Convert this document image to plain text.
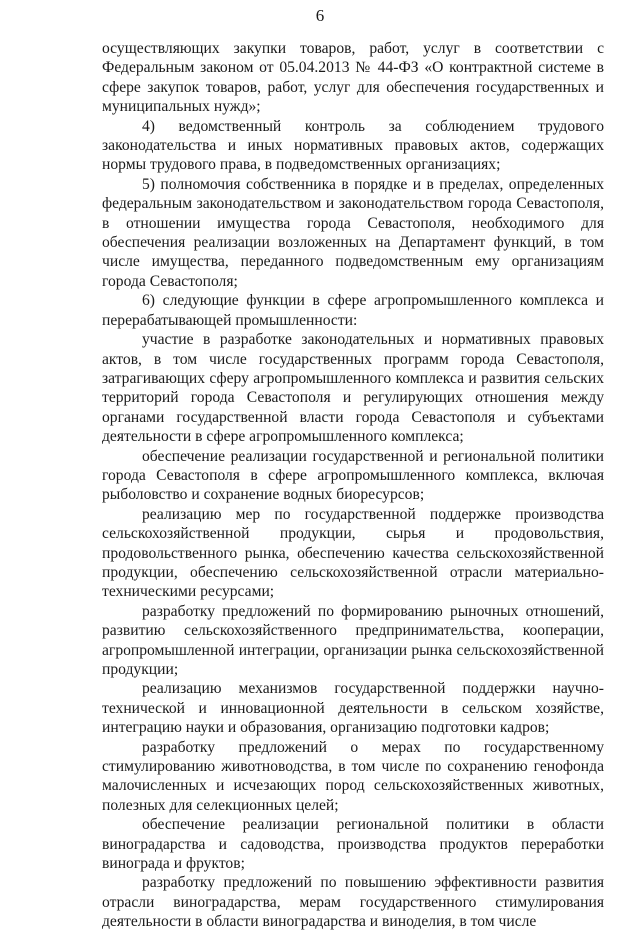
6

осуществляющих закупки товаров, работ, услуг в соответствии с Федеральным законом от 05.04.2013 № 44-ФЗ «О контрактной системе в сфере закупок товаров, работ, услуг для обеспечения государственных и муниципальных нужд»;

4) ведомственный контроль за соблюдением трудового законодательства и иных нормативных правовых актов, содержащих нормы трудового права, в подведомственных организациях;

5) полномочия собственника в порядке и в пределах, определенных федеральным законодательством и законодательством города Севастополя, в отношении имущества города Севастополя, необходимого для обеспечения реализации возложенных на Департамент функций, в том числе имущества, переданного подведомственным ему организациям города Севастополя;

6) следующие функции в сфере агропромышленного комплекса и перерабатывающей промышленности:

участие в разработке законодательных и нормативных правовых актов, в том числе государственных программ города Севастополя, затрагивающих сферу агропромышленного комплекса и развития сельских территорий города Севастополя и регулирующих отношения между органами государственной власти города Севастополя и субъектами деятельности в сфере агропромышленного комплекса;

обеспечение реализации государственной и региональной политики города Севастополя в сфере агропромышленного комплекса, включая рыболовство и сохранение водных биоресурсов;

реализацию мер по государственной поддержке производства сельскохозяйственной продукции, сырья и продовольствия, продовольственного рынка, обеспечению качества сельскохозяйственной продукции, обеспечению сельскохозяйственной отрасли материально-техническими ресурсами;

разработку предложений по формированию рыночных отношений, развитию сельскохозяйственного предпринимательства, кооперации, агропромышленной интеграции, организации рынка сельскохозяйственной продукции;

реализацию механизмов государственной поддержки научно-технической и инновационной деятельности в сельском хозяйстве, интеграцию науки и образования, организацию подготовки кадров;

разработку предложений о мерах по государственному стимулированию животноводства, в том числе по сохранению генофонда малочисленных и исчезающих пород сельскохозяйственных животных, полезных для селекционных целей;

обеспечение реализации региональной политики в области виноградарства и садоводства, производства продуктов переработки винограда и фруктов;

разработку предложений по повышению эффективности развития отрасли виноградарства, мерам государственного стимулирования деятельности в области виноградарства и виноделия, в том числе
